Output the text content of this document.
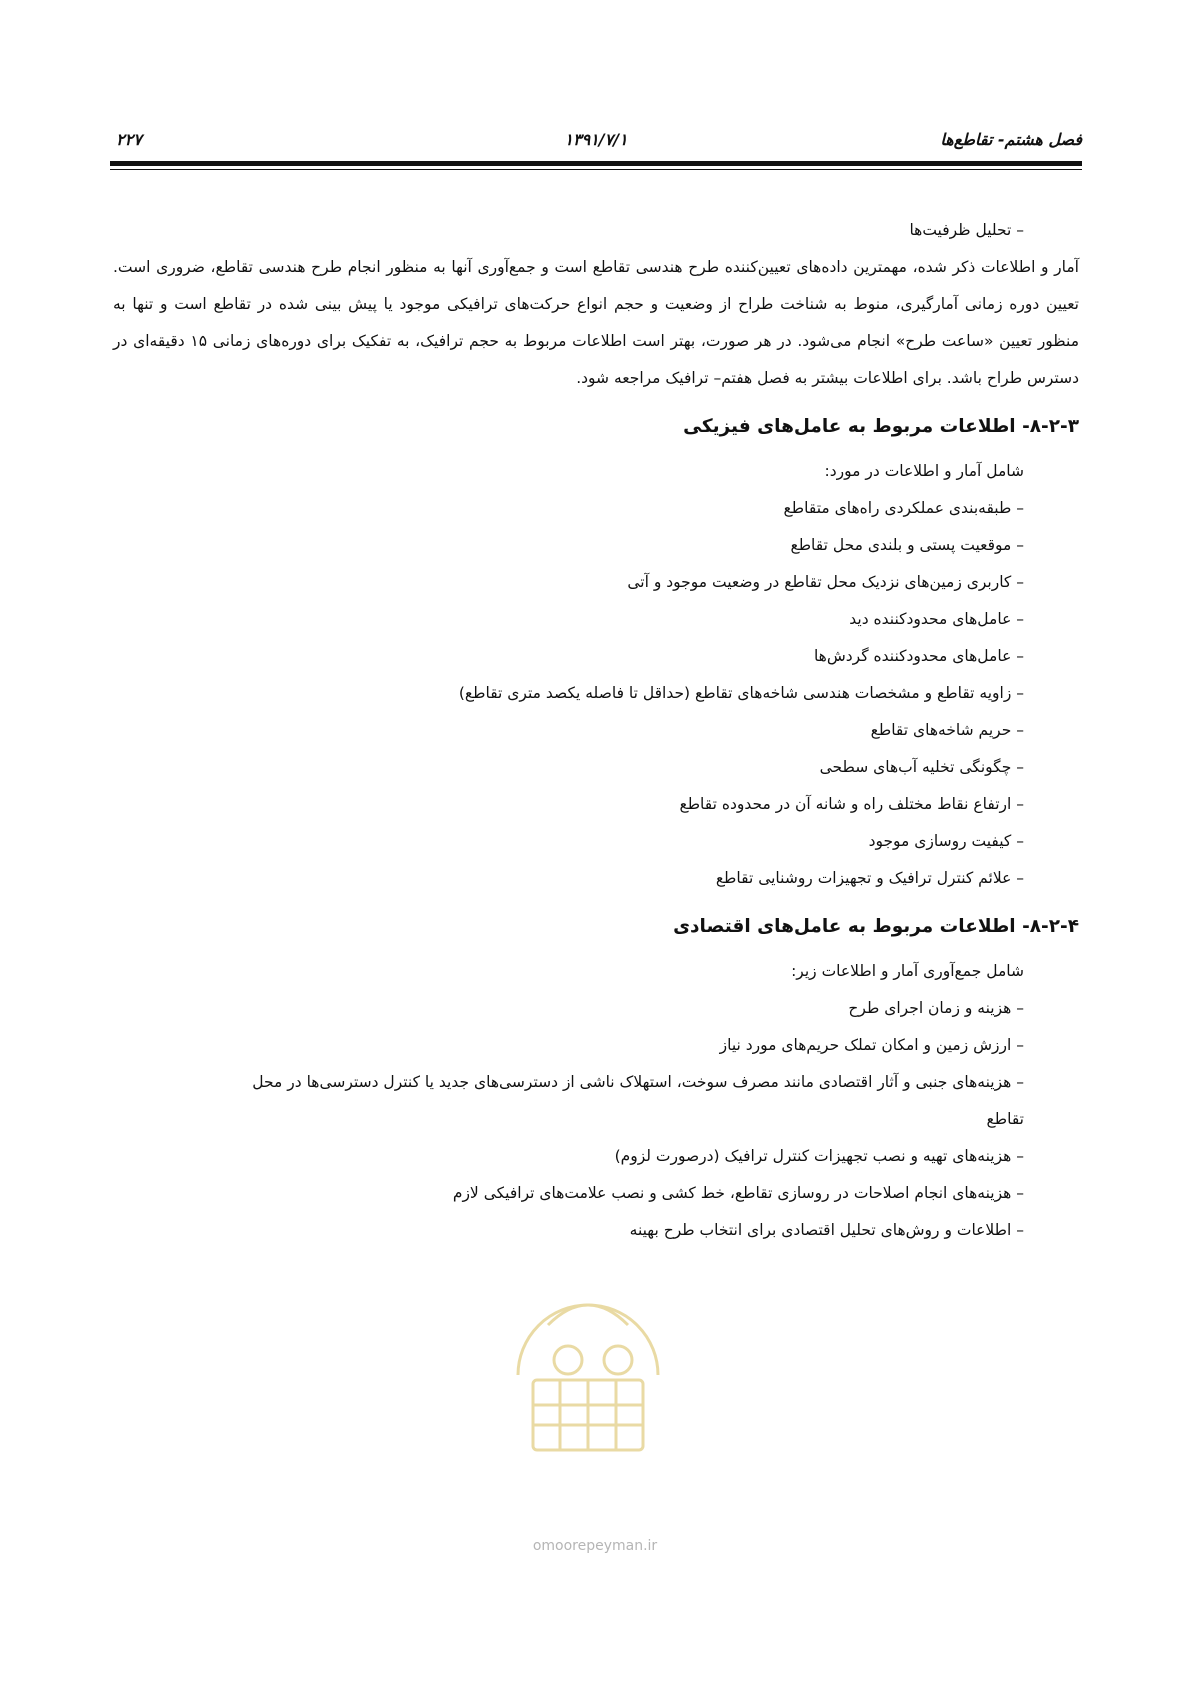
۲۲۷	۱۳۹۱/۷/۱	فصل هشتم- تقاطع‌ها
– تحلیل ظرفیت‌ها
آمار و اطلاعات ذکر شده، مهمترین داده‌های تعیین‌کننده طرح هندسی تقاطع است و جمع‌آوری آنها به منظور انجام طرح هندسی تقاطع، ضروری است. تعیین دوره زمانی آمارگیری، منوط به شناخت طراح از وضعیت و حجم انواع حرکت‌های ترافیکی موجود یا پیش بینی شده در تقاطع است و تنها به منظور تعیین «ساعت طرح» انجام می‌شود. در هر صورت، بهتر است اطلاعات مربوط به حجم ترافیک، به تفکیک برای دوره‌های زمانی ۱۵ دقیقه‌ای در دسترس طراح باشد. برای اطلاعات بیشتر به فصل هفتم– ترافیک مراجعه شود.
۸-۲-۳- اطلاعات مربوط به عامل‌های فیزیکی
شامل آمار و اطلاعات در مورد:
– طبقه‌بندی عملکردی راه‌های متقاطع
– موقعیت پستی و بلندی محل تقاطع
– کاربری زمین‌های نزدیک محل تقاطع در وضعیت موجود و آتی
– عامل‌های محدودکننده دید
– عامل‌های محدودکننده گردش‌ها
– زاویه تقاطع و مشخصات هندسی شاخه‌های تقاطع (حداقل تا فاصله یکصد متری تقاطع)
– حریم شاخه‌های تقاطع
– چگونگی تخلیه آب‌های سطحی
– ارتفاع نقاط مختلف راه و شانه آن در محدوده تقاطع
– کیفیت روسازی موجود
– علائم کنترل ترافیک و تجهیزات روشنایی تقاطع
۸-۲-۴- اطلاعات مربوط به عامل‌های اقتصادی
شامل جمع‌آوری آمار و اطلاعات زیر:
– هزینه و زمان اجرای طرح
– ارزش زمین و امکان تملک حریم‌های مورد نیاز
– هزینه‌های جنبی و آثار اقتصادی مانند مصرف سوخت، استهلاک ناشی از دسترسی‌های جدید یا کنترل دسترسی‌ها در محل
تقاطع
– هزینه‌های تهیه و نصب تجهیزات کنترل ترافیک (درصورت لزوم)
– هزینه‌های انجام اصلاحات در روسازی تقاطع، خط کشی و نصب علامت‌های ترافیکی لازم
– اطلاعات و روش‌های تحلیل اقتصادی برای انتخاب طرح بهینه
omoorepeyman.ir
